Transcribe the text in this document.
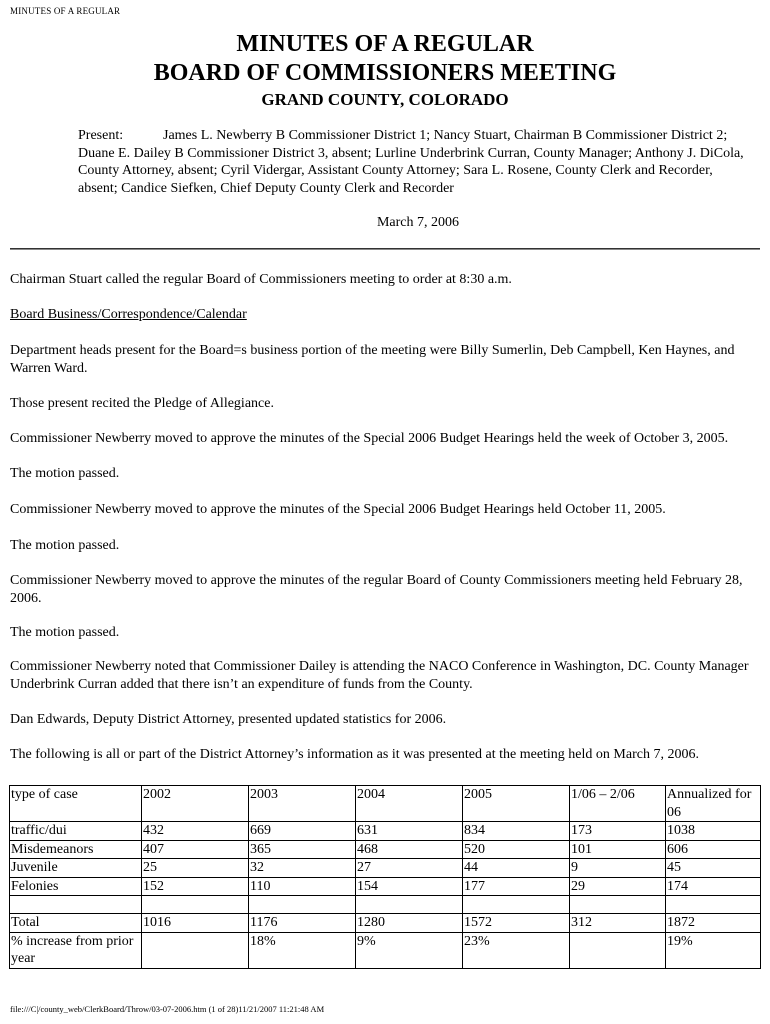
MINUTES OF A REGULAR
MINUTES OF A REGULAR
BOARD OF COMMISSIONERS MEETING
GRAND COUNTY, COLORADO
Present:	James L. Newberry B Commissioner District 1; Nancy Stuart, Chairman B Commissioner District 2; Duane E. Dailey B Commissioner District 3, absent; Lurline Underbrink Curran, County Manager; Anthony J. DiCola, County Attorney, absent; Cyril Vidergar, Assistant County Attorney; Sara L. Rosene, County Clerk and Recorder, absent; Candice Siefken, Chief Deputy County Clerk and Recorder
March 7, 2006

Chairman Stuart called the regular Board of Commissioners meeting to order at 8:30 a.m.

Board Business/Correspondence/Calendar

Department heads present for the Board=s business portion of the meeting were Billy Sumerlin, Deb Campbell, Ken Haynes, and Warren Ward.

Those present recited the Pledge of Allegiance.

Commissioner Newberry moved to approve the minutes of the Special 2006 Budget Hearings held the week of October 3, 2005.

The motion passed.

Commissioner Newberry moved to approve the minutes of the Special 2006 Budget Hearings held October 11, 2005.

The motion passed.

Commissioner Newberry moved to approve the minutes of the regular Board of County Commissioners meeting held February 28, 2006.

The motion passed.

Commissioner Newberry noted that Commissioner Dailey is attending the NACO Conference in Washington, DC. County Manager Underbrink Curran added that there isn’t an expenditure of funds from the County.

Dan Edwards, Deputy District Attorney, presented updated statistics for 2006.

The following is all or part of the District Attorney’s information as it was presented at the meeting held on March 7, 2006.

type of case	2002	2003	2004	2005	1/06 – 2/06	Annualized for 06
traffic/dui	432	669	631	834	173	1038
Misdemeanors	407	365	468	520	101	606
Juvenile	25	32	27	44	9	45
Felonies	152	110	154	177	29	174

Total	1016	1176	1280	1572	312	1872
% increase from prior year		18%	9%	23%		19%
file:///C|/county_web/ClerkBoard/Throw/03-07-2006.htm (1 of 28)11/21/2007 11:21:48 AM
